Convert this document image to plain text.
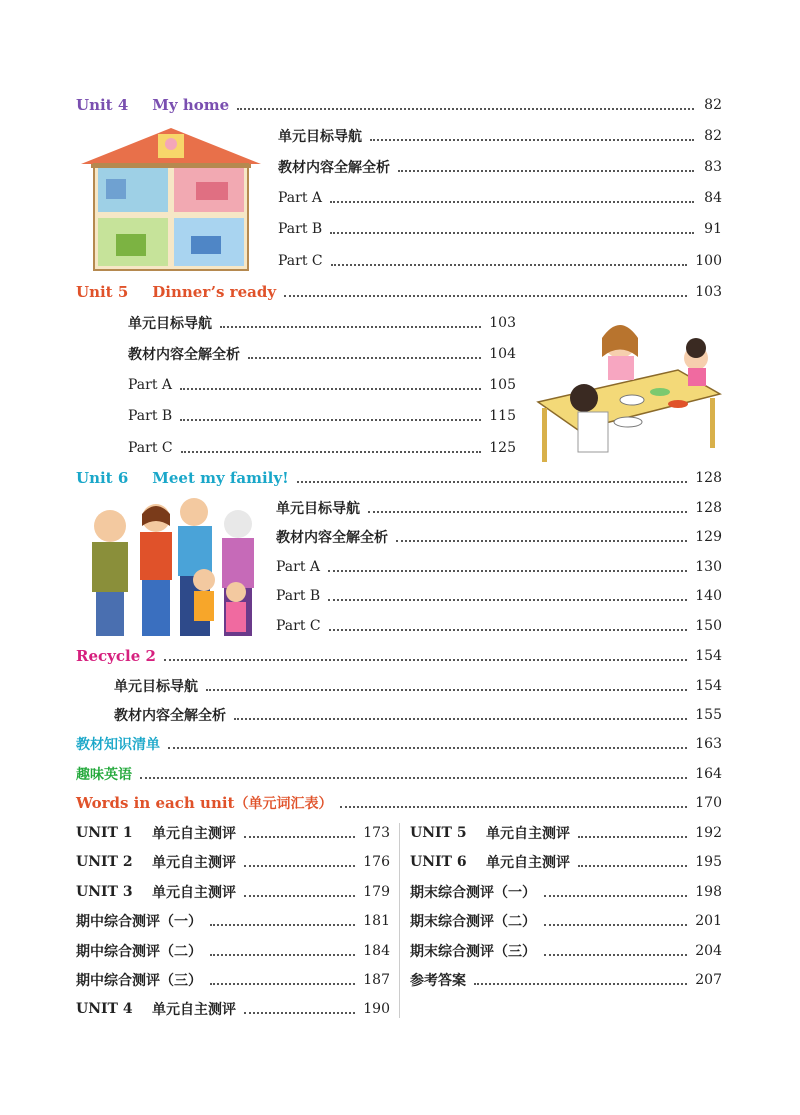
Unit 4 My home	82
单元目标导航	82
教材内容全解全析	83
Part A	84
Part B	91
Part C	100
Unit 5 Dinner’s ready	103
单元目标导航	103
教材内容全解全析	104
Part A	105
Part B	115
Part C	125
Unit 6 Meet my family!	128
单元目标导航	128
教材内容全解全析	129
Part A	130
Part B	140
Part C	150
Recycle 2	154
单元目标导航	154
教材内容全解全析	155
教材知识清单	163
趣味英语	164
Words in each unit （单元词汇表）	170
UNIT 1	单元自主测评	173
UNIT 2	单元自主测评	176
UNIT 3	单元自主测评	179
期中综合测评（一）	181
期中综合测评（二）	184
期中综合测评（三）	187
UNIT 4	单元自主测评	190
UNIT 5	单元自主测评	192
UNIT 6	单元自主测评	195
期末综合测评（一）	198
期末综合测评（二）	201
期末综合测评（三）	204
参考答案	207
